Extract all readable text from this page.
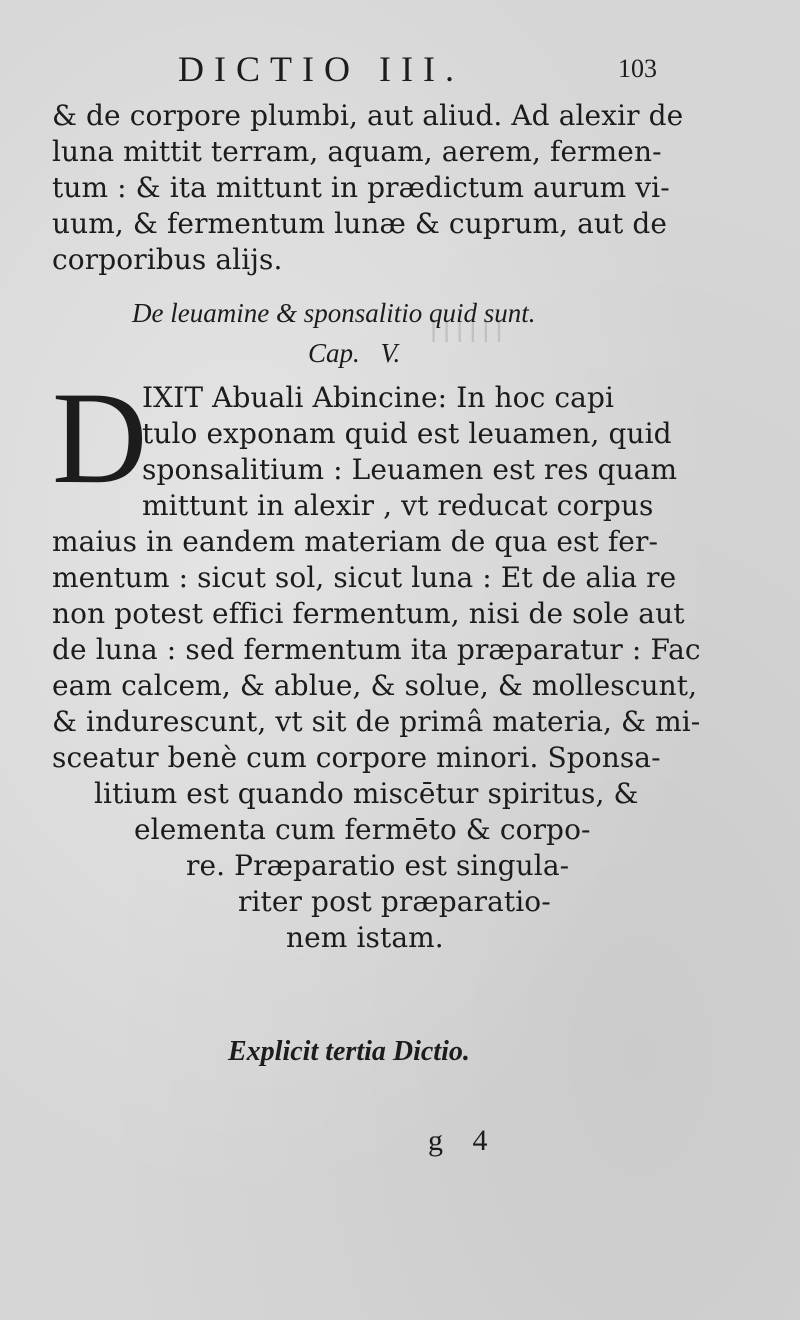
ꟾ ꟾ ꟾ ꟾ ꟾ ꟾ
DICTIO III.	103
& de corpore plumbi, aut aliud. Ad alexir de
luna mittit terram, aquam, aerem, fermen-
tum : & ita mittunt in prædictum aurum vi-
uum, & fermentum lunæ & cuprum, aut de
corporibus alijs.
De leuamine & sponsalitio quid sunt.
Cap. V.
D
IXIT Abuali Abincine: In hoc capi
tulo exponam quid est leuamen, quid
sponsalitium : Leuamen est res quam
mittunt in alexir , vt reducat corpus
maius in eandem materiam de qua est fer-
mentum : sicut sol, sicut luna : Et de alia re
non potest effici fermentum, nisi de sole aut
de luna : sed fermentum ita præparatur : Fac
eam calcem, & ablue, & solue, & mollescunt,
& indurescunt, vt sit de primâ materia, & mi-
sceatur benè cum corpore minori. Sponsa-
litium est quando miscētur spiritus, &
elementa cum fermēto & corpo-
re. Præparatio est singula-
riter post præparatio-
nem istam.
Explicit tertia Dictio.
g 4
